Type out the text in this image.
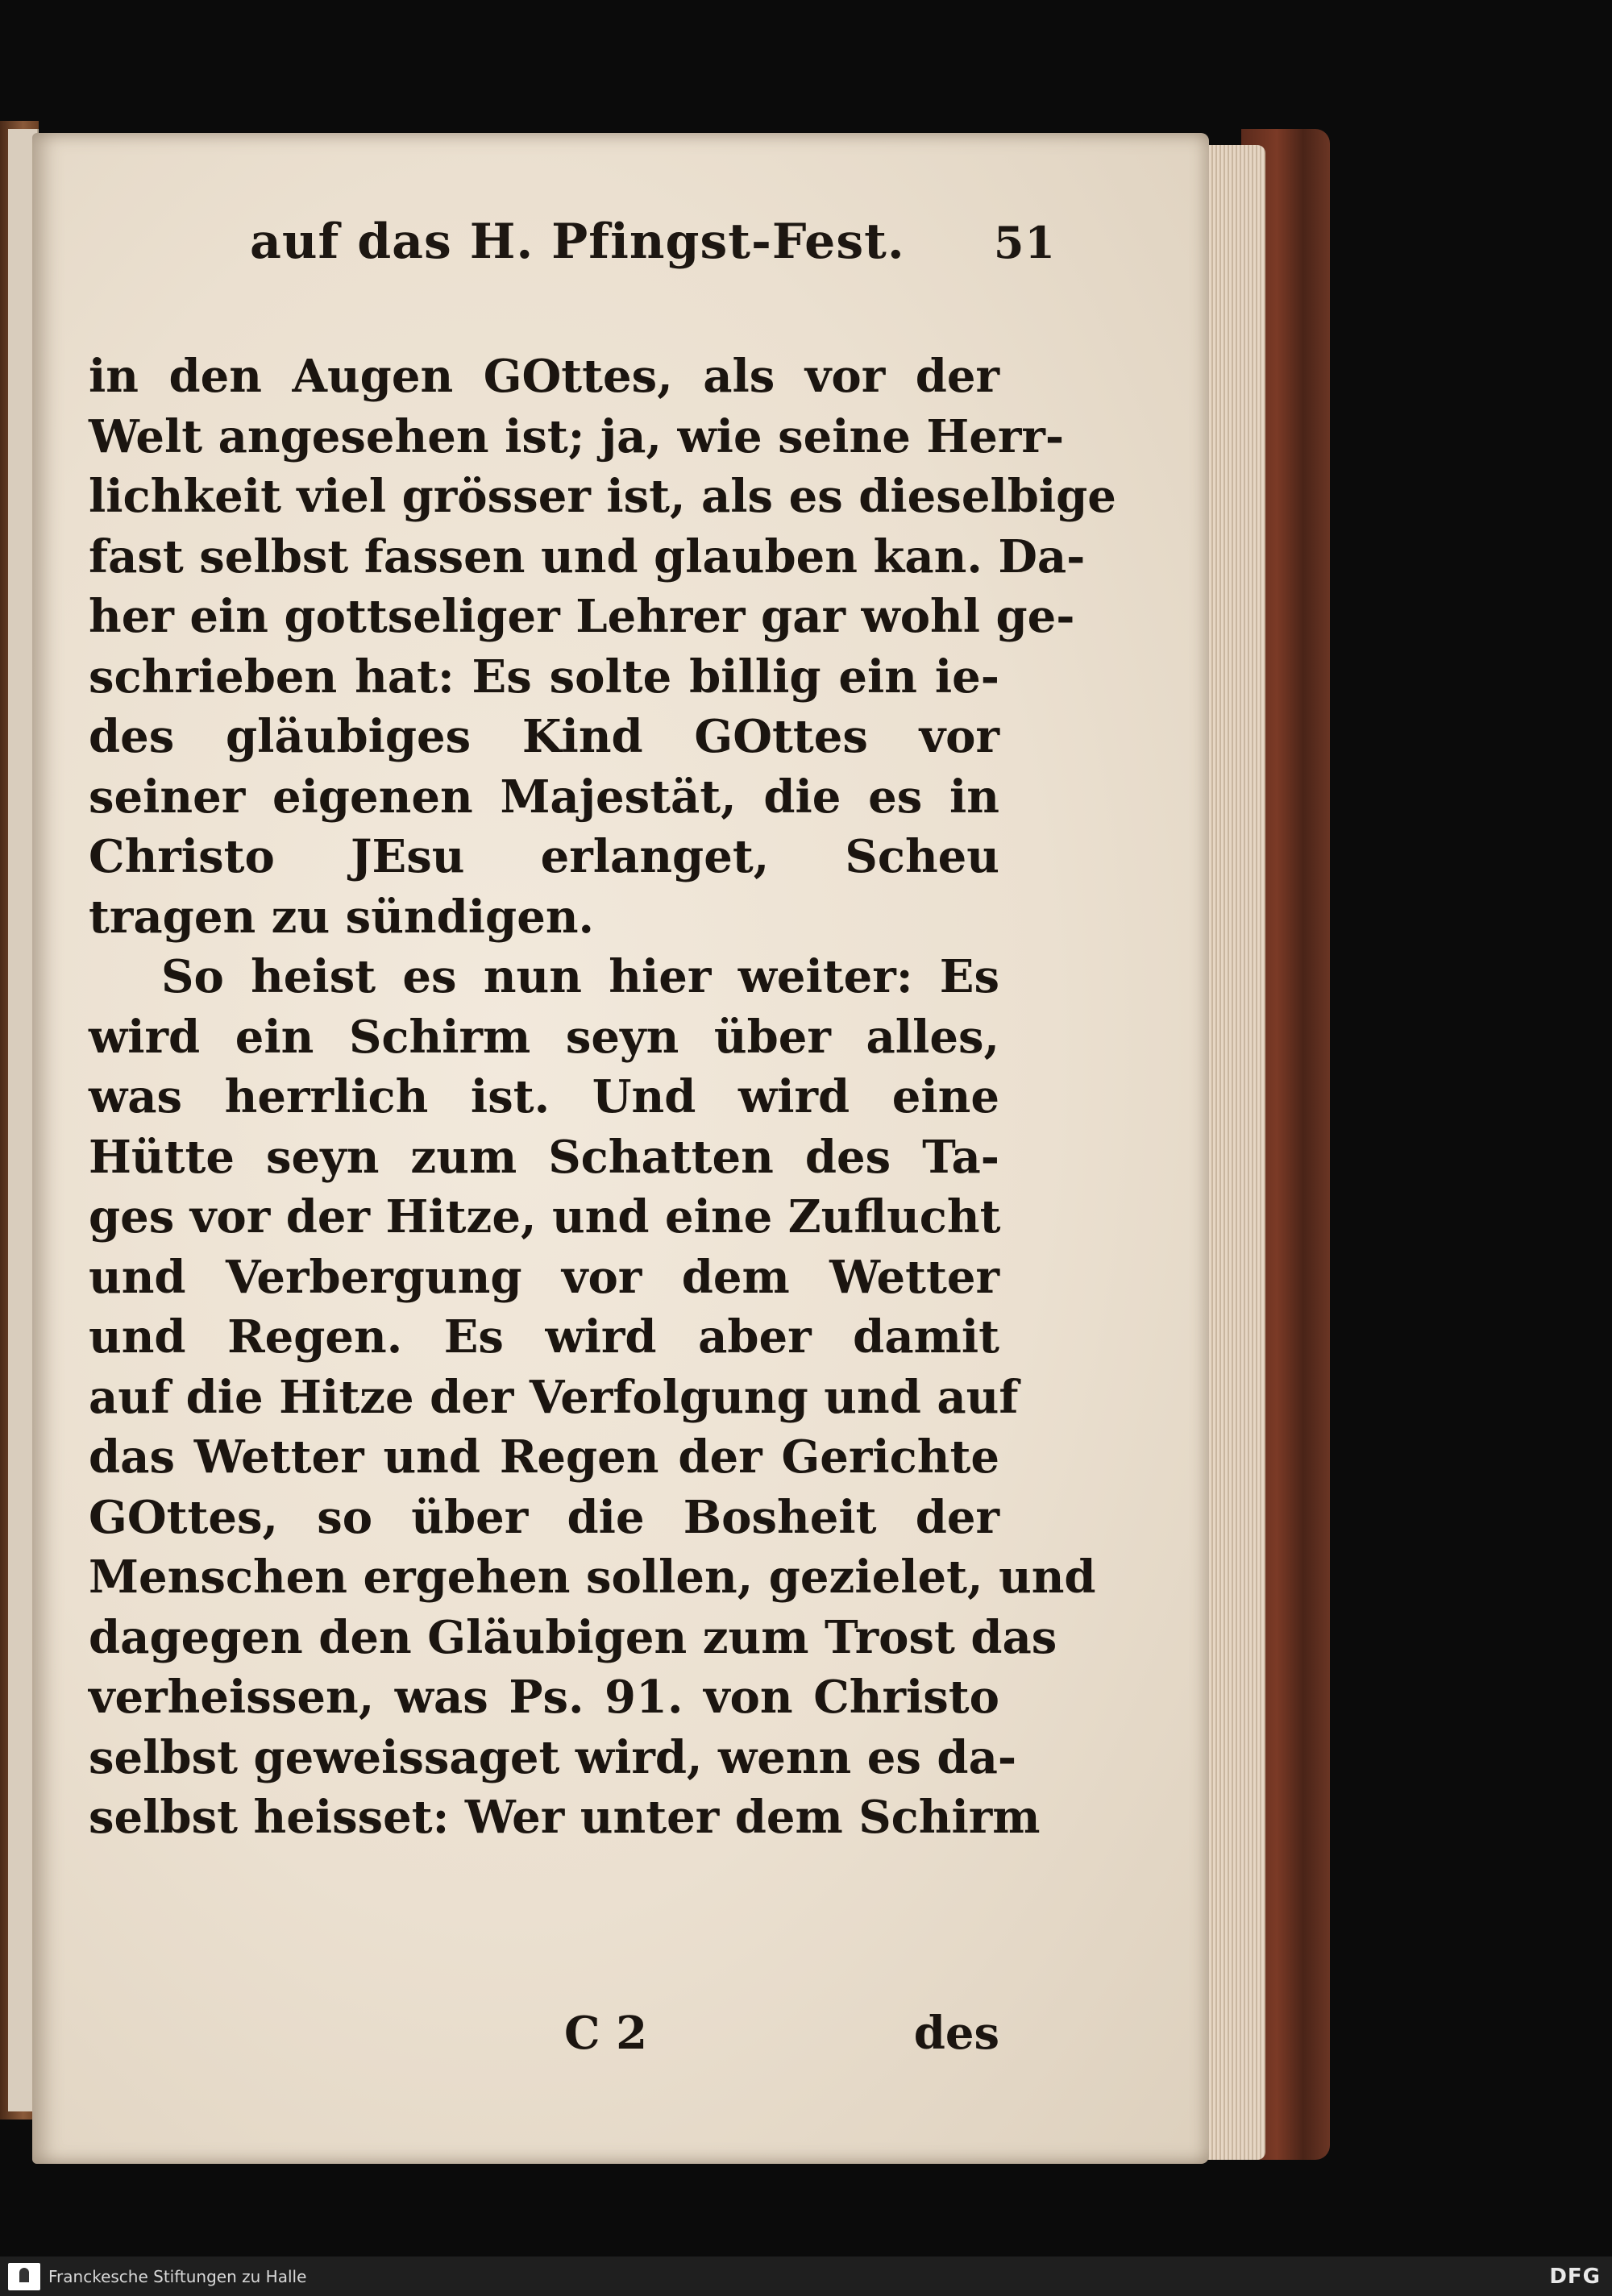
auf das H. Pfingst-Fest. 51
in den Augen GOttes, als vor der
Welt angesehen ist; ja, wie seine Herr-
lichkeit viel grösser ist, als es dieselbige
fast selbst fassen und glauben kan. Da-
her ein gottseliger Lehrer gar wohl ge-
schrieben hat: Es solte billig ein ie-
des gläubiges Kind GOttes vor
seiner eigenen Majestät, die es in
Christo JEsu erlanget, Scheu
tragen zu sündigen.
So heist es nun hier weiter: Es
wird ein Schirm seyn über alles,
was herrlich ist. Und wird eine
Hütte seyn zum Schatten des Ta-
ges vor der Hitze, und eine Zuflucht
und Verbergung vor dem Wetter
und Regen. Es wird aber damit
auf die Hitze der Verfolgung und auf
das Wetter und Regen der Gerichte
GOttes, so über die Bosheit der
Menschen ergehen sollen, gezielet, und
dagegen den Gläubigen zum Trost das
verheissen, was Ps. 91. von Christo
selbst geweissaget wird, wenn es da-
selbst heisset: Wer unter dem Schirm
C 2	des
Franckesche Stiftungen zu Halle	DFG
